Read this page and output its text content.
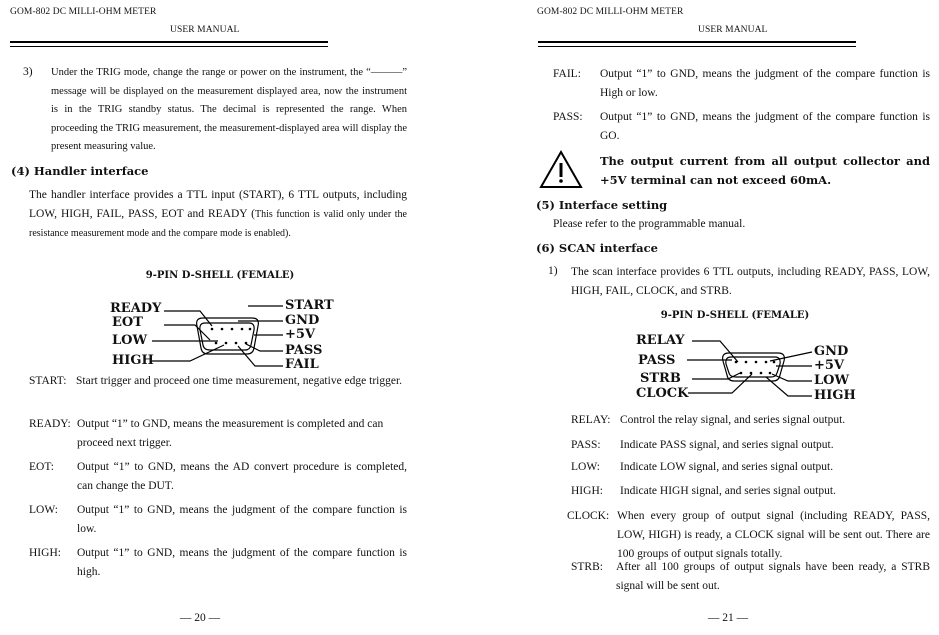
GOM-802 DC MILLI-OHM METER
USER MANUAL
3) Under the TRIG mode, change the range or power on the instrument, the “———” message will be displayed on the measurement displayed area, now the instrument is in the TRIG standby status. The decimal is represented the range. When proceeding the TRIG measurement, the measurement-displayed area will display the present measuring value.
(4) Handler interface
The handler interface provides a TTL input (START), 6 TTL outputs, including LOW, HIGH, FAIL, PASS, EOT and READY (This function is valid only under the resistance measurement mode and the compare mode is enabled).
9-PIN D-SHELL (FEMALE)
READY
EOT
LOW
HIGH
START
GND
+5V
PASS
FAIL
START: Start trigger and proceed one time measurement, negative edge trigger.
READY: Output “1” to GND, means the measurement is completed and can proceed next trigger.
EOT:	Output “1” to GND, means the AD convert procedure is completed, can change the DUT.
LOW:	Output “1” to GND, means the judgment of the compare function is low.
HIGH:	Output “1” to GND, means the judgment of the compare function is high.
— 20 —
GOM-802 DC MILLI-OHM METER
USER MANUAL
FAIL:	Output “1” to GND, means the judgment of the compare function is High or low.
PASS:	Output “1” to GND, means the judgment of the compare function is GO.
The output current from all output collector and +5V terminal can not exceed 60mA.
(5) Interface setting
Please refer to the programmable manual.
(6) SCAN interface
1) The scan interface provides 6 TTL outputs, including READY, PASS, LOW, HIGH, FAIL, CLOCK, and STRB.
9-PIN D-SHELL (FEMALE)
RELAY
PASS
STRB
CLOCK
GND
+5V
LOW
HIGH
RELAY: Control the relay signal, and series signal output.
PASS:	Indicate PASS signal, and series signal output.
LOW:	Indicate LOW signal, and series signal output.
HIGH:	Indicate HIGH signal, and series signal output.
CLOCK: When every group of output signal (including READY, PASS, LOW, HIGH) is ready, a CLOCK signal will be sent out. There are 100 groups of output signals totally.
STRB:	After all 100 groups of output signals have been ready, a STRB signal will be sent out.
— 21 —
